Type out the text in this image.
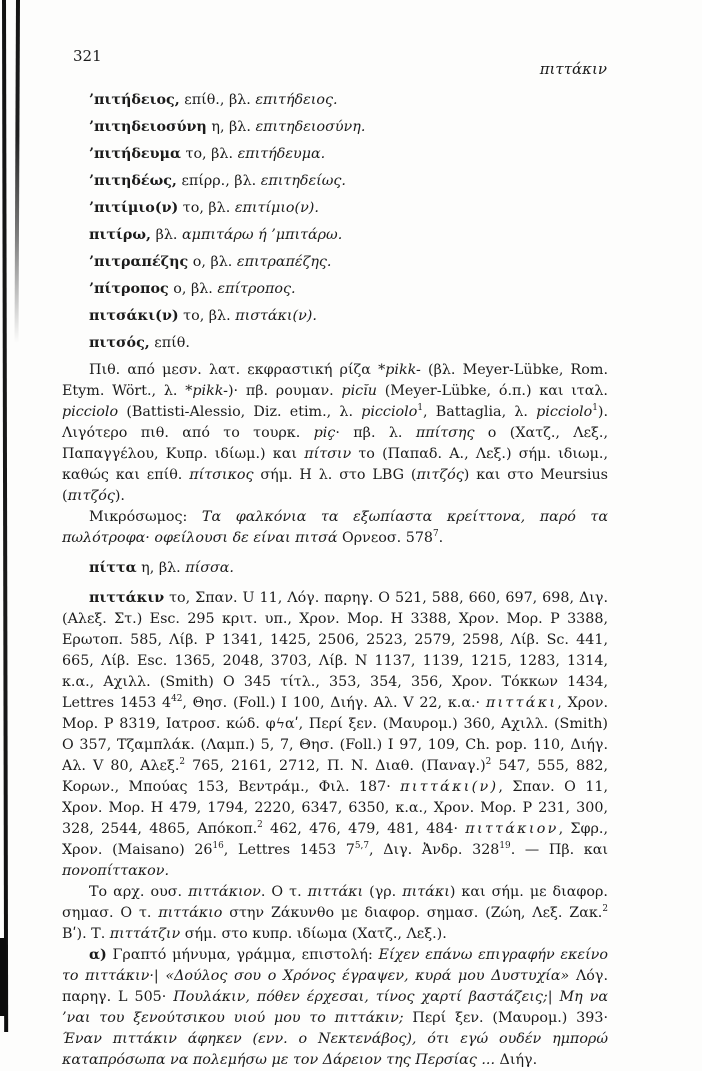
321
πιττάκιν

’πιτήδειος, επίθ., βλ. επιτήδειος.

’πιτηδειοσύνη η, βλ. επιτηδειοσύνη.

’πιτήδευμα το, βλ. επιτήδευμα.

’πιτηδέως, επίρρ., βλ. επιτηδείως.

’πιτίμιο(ν) το, βλ. επιτίμιο(ν).

πιτίρω, βλ. αμπιτάρω ή ’μπιτάρω.

’πιτραπέζης ο, βλ. επιτραπέζης.

’πίτροπος ο, βλ. επίτροπος.

πιτσάκι(ν) το, βλ. πιστάκι(ν).

πιτσός, επίθ.

Πιθ. από μεσν. λατ. εκφραστική ρίζα *pikk- (βλ. Meyer-Lübke, Rom. Etym. Wört., λ. *pikk-)· πβ. ρουμαν. picĭu (Meyer-Lübke, ό.π.) και ιταλ. picciolo (Battisti-Alessio, Diz. etim., λ. picciolo$^1$, Battaglia, λ. picciolo$^1$). Λιγότερο πιθ. από το τουρκ. piç· πβ. λ. ππίτσης ο (Χατζ., Λεξ., Παπαγγέλου, Κυπρ. ιδίωμ.) και πίτσιν το (Παπαδ. Α., Λεξ.) σήμ. ιδιωμ., καθώς και επίθ. πίτσικος σήμ. Η λ. στο LBG (πιτζός) και στο Meursius (πιτζός).

Μικρόσωμος: Τα φαλκόνια τα εξωπίαστα κρείττονα, παρό τα πωλότροφα· οφείλουσι δε είναι πιτσά Ορνεοσ. $578^7$.

πίττα η, βλ. πίσσα.

πιττάκιν το, Σπαν. U 11, Λόγ. παρηγ. Ο 521, 588, 660, 697, 698, Διγ. (Αλεξ. Στ.) Esc. 295 κριτ. υπ., Χρον. Μορ. Η 3388, Χρον. Μορ. Ρ 3388, Ερωτοπ. 585, Λίβ. Ρ 1341, 1425, 2506, 2523, 2579, 2598, Λίβ. Sc. 441, 665, Λίβ. Esc. 1365, 2048, 3703, Λίβ. Ν 1137, 1139, 1215, 1283, 1314, κ.α., Αχιλλ. (Smith) Ο 345 τίτλ., 353, 354, 356, Χρον. Τόκκων 1434, Lettres 1453 $4^{42}$, Θησ. (Foll.) Ι 100, Διήγ. Αλ. V 22, κ.α.· πιττάκι, Χρον. Μορ. Ρ 8319, Ιατροσ. κώδ. φϟαʹ, Περί ξεν. (Μαυρομ.) 360, Αχιλλ. (Smith) Ο 357, Τζαμπλάκ. (Λαμπ.) 5, 7, Θησ. (Foll.) Ι 97, 109, Ch. pop. 110, Διήγ. Αλ. V 80, Αλεξ.$^2$ 765, 2161, 2712, Π. Ν. Διαθ. $(\Pi\alpha\nu\alpha\gamma.)^2$ 547, 555, 882, Κορων., Μπούας 153, Βεντράμ., Φιλ. 187· πιττάκι(ν), Σπαν. Ο 11, Χρον. Μορ. Η 479, 1794, 2220, 6347, 6350, κ.α., Χρον. Μορ. Ρ 231, 300, 328, 2544, 4865, Απόκοπ.$^2$ 462, 476, 479, 481, 484· πιττάκιον, Σφρ., Χρον. (Maisano) $26^{16}$, Lettres 1453 7$^{5,7}$, Διγ. Ἀνδρ. $328^{19}$. — Πβ. και πονοπίττακον.

Το αρχ. ουσ. πιττάκιον. Ο τ. πιττάκι (γρ. πιτάκι) και σήμ. με διαφορ. σημασ. Ο τ. πιττάκιο στην Ζάκυνθο με διαφορ. σημασ. (Ζώη, Λεξ. Ζακ.$^2$ Βʹ). Τ. πιττάτζιν σήμ. στο κυπρ. ιδίωμα (Χατζ., Λεξ.).

α) Γραπτό μήνυμα, γράμμα, επιστολή: Είχεν επάνω επιγραφήν εκείνο το πιττάκιν·| «Δούλος σου ο Χρόνος έγραψεν, κυρά μου Δυστυχία» Λόγ. παρηγ. L 505· Πουλάκιν, πόθεν έρχεσαι, τίνος χαρτί βαστάζεις;| Μη να ’ναι του ξενούτσικου υιού μου το πιττάκιν; Περί ξεν. (Μαυρομ.) 393· Έναν πιττάκιν άφηκεν (ενν. ο Νεκτενάβος), ότι εγώ ουδέν ημπορώ καταπρόσωπα να πολεμήσω με τον Δάρειον της Περσίας ... Διήγ.
